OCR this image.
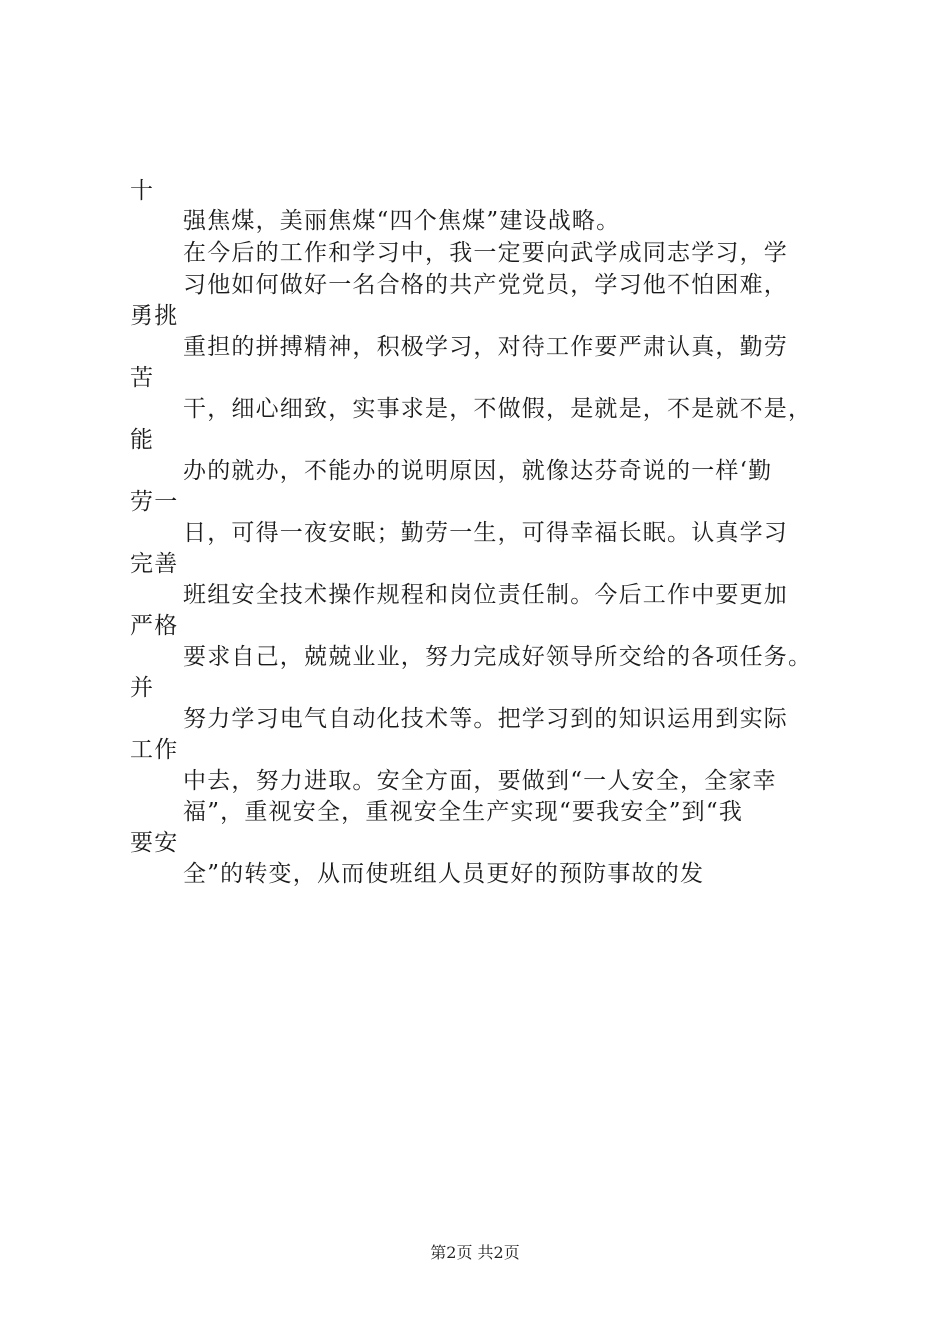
十
强焦煤，美丽焦煤“四个焦煤”建设战略。
在今后的工作和学习中，我一定要向武学成同志学习，学
习他如何做好一名合格的共产党党员，学习他不怕困难，
勇挑
重担的拼搏精神，积极学习，对待工作要严肃认真，勤劳
苦
干，细心细致，实事求是，不做假，是就是，不是就不是，
能
办的就办，不能办的说明原因，就像达芬奇说的一样‘勤
劳一
日，可得一夜安眠；勤劳一生，可得幸福长眠。认真学习
完善
班组安全技术操作规程和岗位责任制。今后工作中要更加
严格
要求自己，兢兢业业，努力完成好领导所交给的各项任务。
并
努力学习电气自动化技术等。把学习到的知识运用到实际
工作
中去，努力进取。安全方面，要做到“一人安全，全家幸
福”，重视安全，重视安全生产实现“要我安全”到“我
要安
全”的转变，从而使班组人员更好的预防事故的发
第2页 共2页
